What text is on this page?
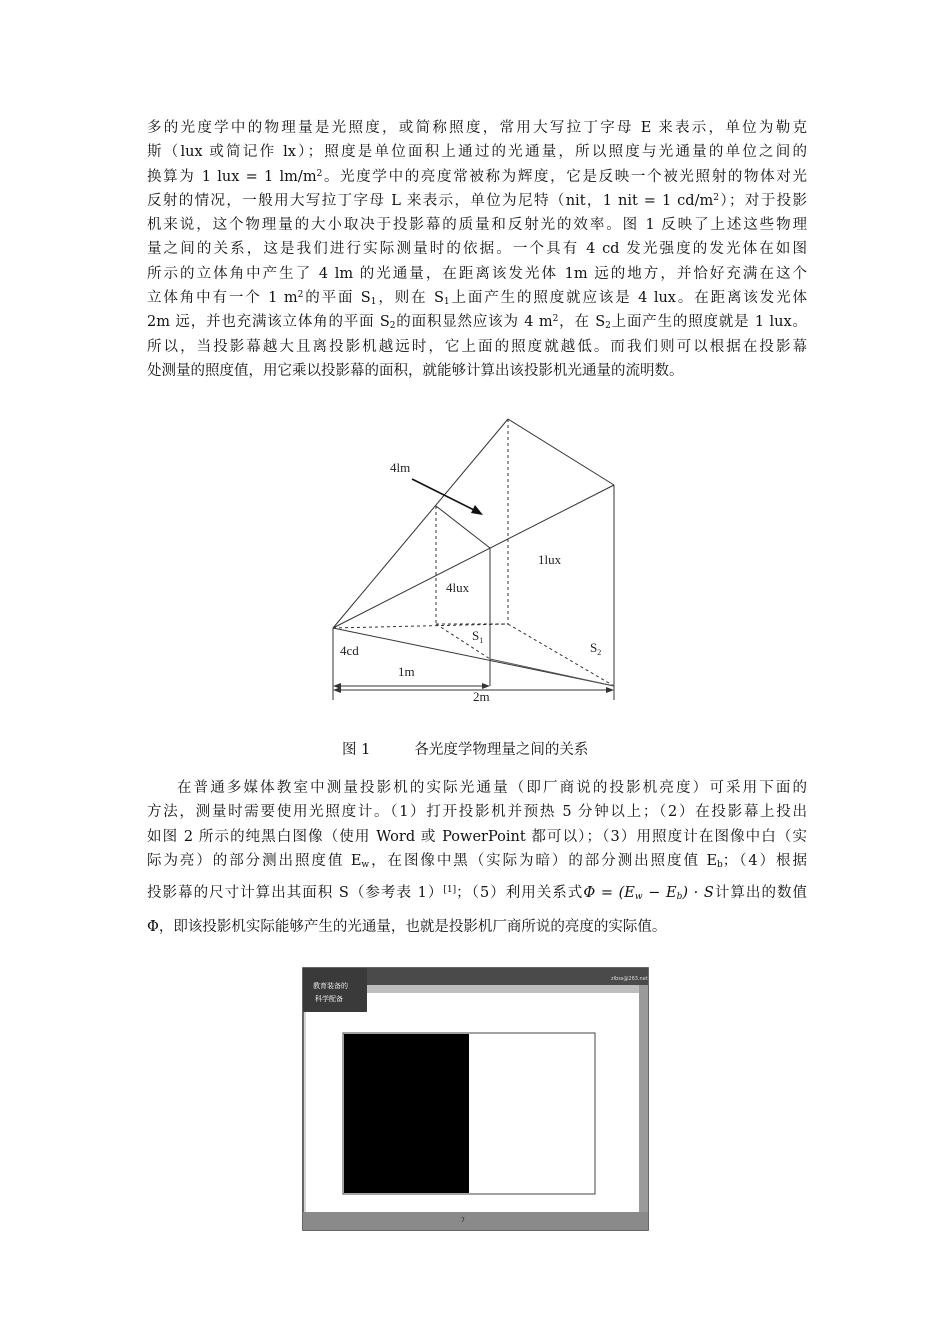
多的光度学中的物理量是光照度，或简称照度，常用大写拉丁字母 E 来表示，单位为勒克
斯（lux 或简记作 lx）；照度是单位面积上通过的光通量，所以照度与光通量的单位之间的
换算为 1 lux = 1 $lm/m^2$。光度学中的亮度常被称为辉度，它是反映一个被光照射的物体对光
反射的情况，一般用大写拉丁字母 L 来表示，单位为尼特（nit，1 nit = 1 $cd/m^2$）；对于投影
机来说，这个物理量的大小取决于投影幕的质量和反射光的效率。图 1 反映了上述这些物理
量之间的关系，这是我们进行实际测量时的依据。一个具有 4 cd 发光强度的发光体在如图
所示的立体角中产生了 4 lm 的光通量，在距离该发光体 1m 远的地方，并恰好充满在这个
立体角中有一个 1 $m^2$的平面 $S_1$，则在 $S_1$上面产生的照度就应该是 4 lux。在距离该发光体
2m 远，并也充满该立体角的平面 $S_2$的面积显然应该为 4 $m^2$，在 $S_2$上面产生的照度就是 1 lux。
所以，当投影幕越大且离投影机越远时，它上面的照度就越低。而我们则可以根据在投影幕
处测量的照度值，用它乘以投影幕的面积，就能够计算出该投影机光通量的流明数。
4lm
1lux
4lux
$S_1$	$S_2$
4cd
1m
2m
图 1	各光度学物理量之间的关系
在普通多媒体教室中测量投影机的实际光通量（即厂商说的投影机亮度）可采用下面的
方法，测量时需要使用光照度计。（1）打开投影机并预热 5 分钟以上；（2）在投影幕上投出
如图 2 所示的纯黑白图像（使用 Word 或 PowerPoint 都可以）；（3）用照度计在图像中白（实
际为亮）的部分测出照度值 $E_w$，在图像中黑（实际为暗）的部分测出照度值 $E_b$；（4）根据
投影幕的尺寸计算出其面积 S（参考表 1）[1]；（5）利用关系式$\Phi = (E_w - E_b) \cdot S$计算出的数值
Φ，即该投影机实际能够产生的光通量，也就是投影机厂商所说的亮度的实际值。
教育装备的
科学配备
zlbss@263.net
7
